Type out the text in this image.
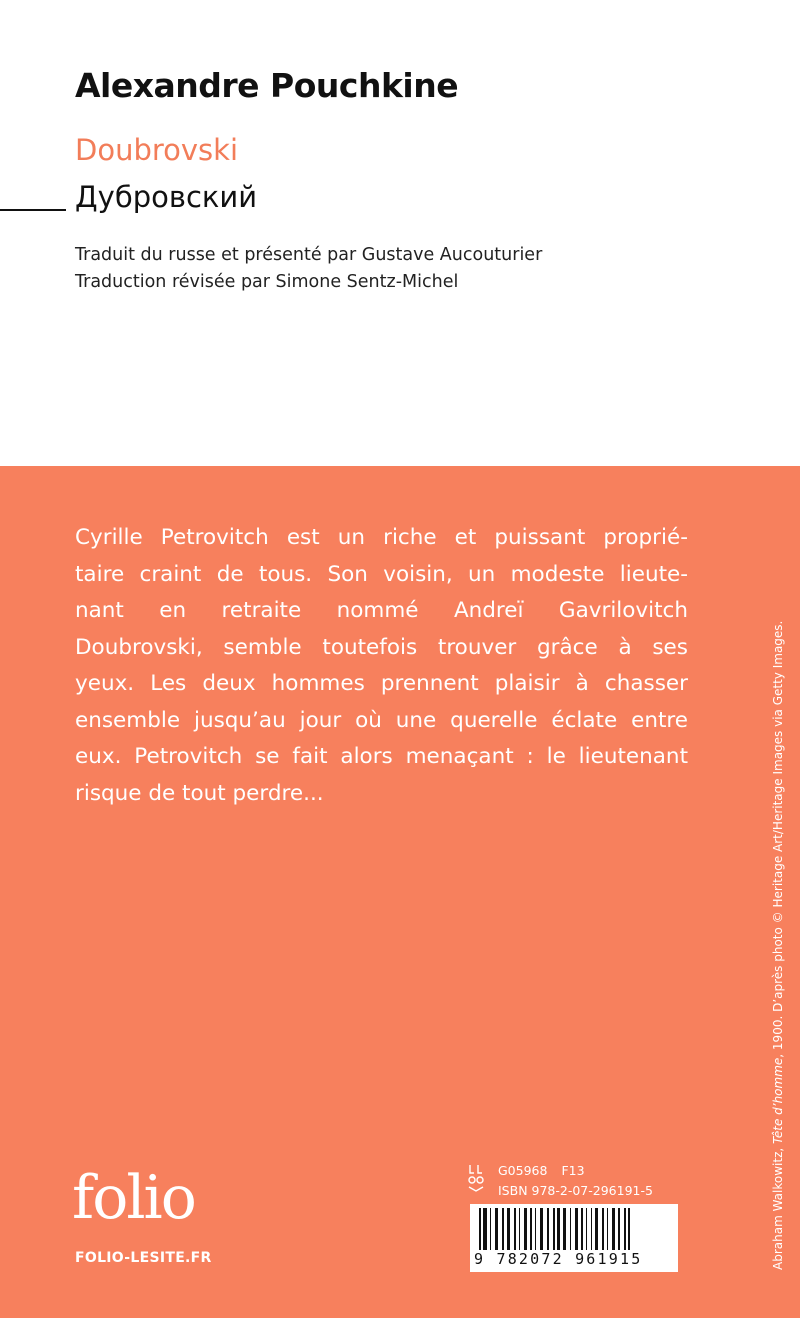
Alexandre Pouchkine
Doubrovski
Дубровский
Traduit du russe et présenté par Gustave Aucouturier
Traduction révisée par Simone Sentz-Michel
Cyrille Petrovitch est un riche et puissant proprié-
taire craint de tous. Son voisin, un modeste lieute-
nant en retraite nommé Andreï Gavrilovitch
Doubrovski, semble toutefois trouver grâce à ses
yeux. Les deux hommes prennent plaisir à chasser
ensemble jusqu’au jour où une querelle éclate entre
eux. Petrovitch se fait alors menaçant : le lieutenant
risque de tout perdre...
Abraham Walkowitz, Tête d’homme, 1900. D’après photo © Heritage Art/Heritage Images via Getty Images.
folio
FOLIO-LESITE.FR
G05968 F13
ISBN 978-2-07-296191-5
9 782072 961915
